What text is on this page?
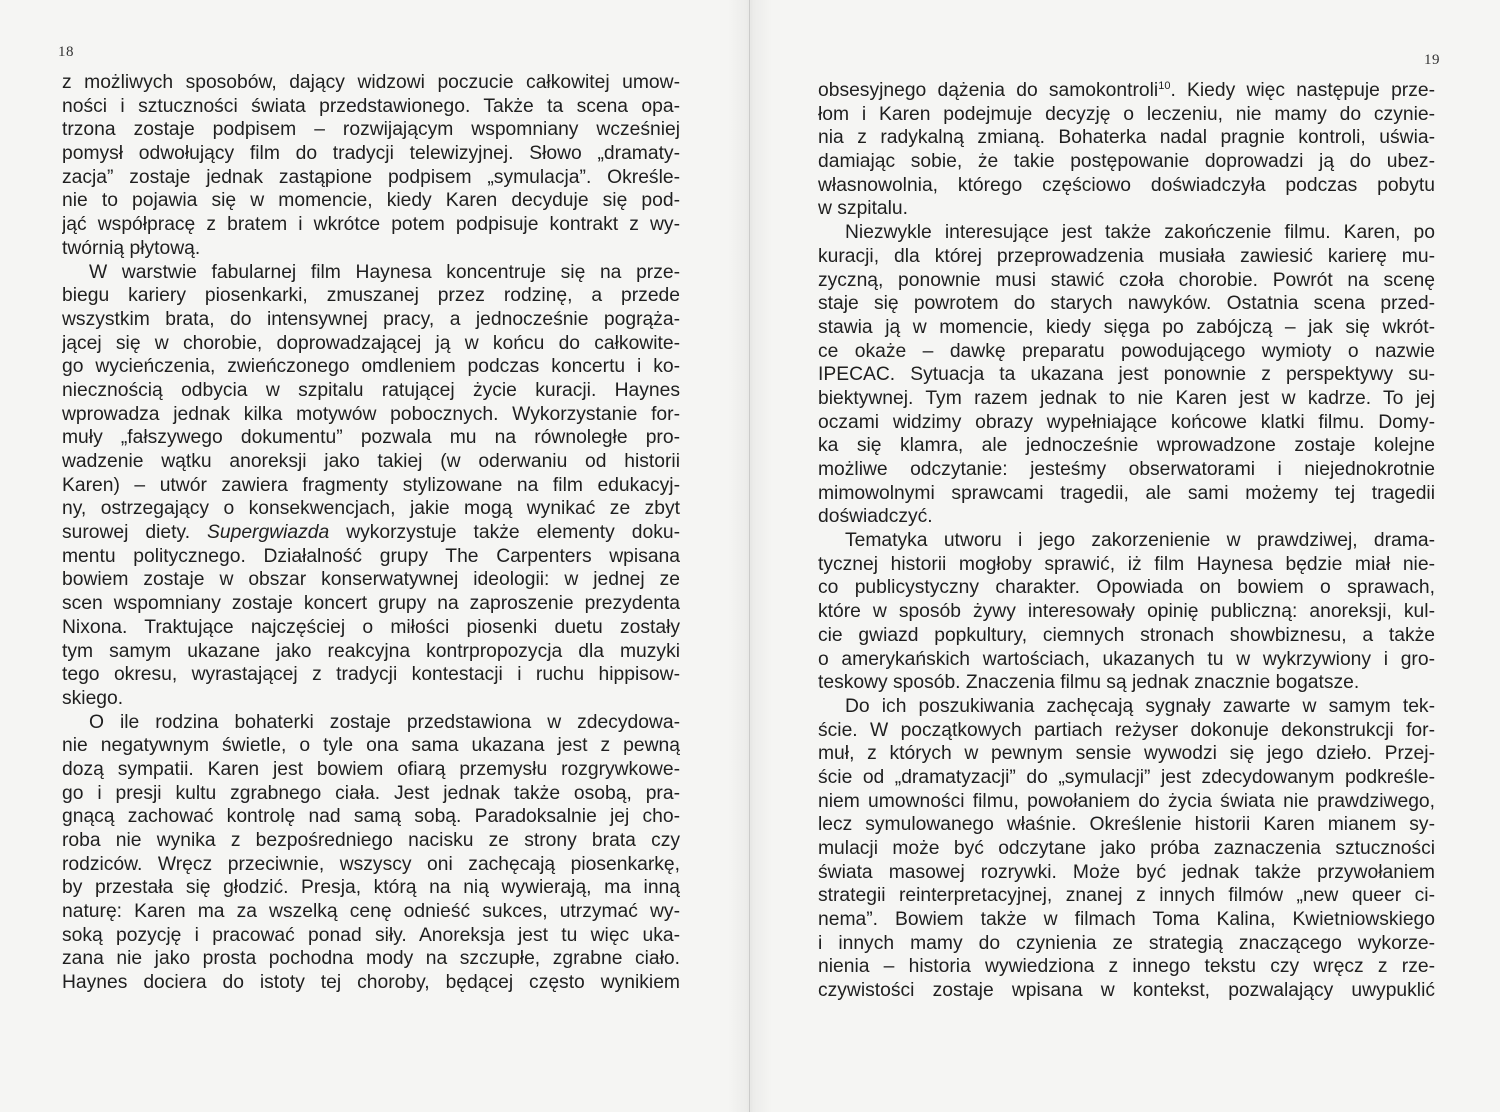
18
z możliwych sposobów, dający widzowi poczucie całkowitej umow-
ności i sztuczności świata przedstawionego. Także ta scena opa-
trzona zostaje podpisem – rozwijającym wspomniany wcześniej
pomysł odwołujący film do tradycji telewizyjnej. Słowo „dramaty-
zacja” zostaje jednak zastąpione podpisem „symulacja”. Określe-
nie to pojawia się w momencie, kiedy Karen decyduje się pod-
jąć współpracę z bratem i wkrótce potem podpisuje kontrakt z wy-
twórnią płytową.
W warstwie fabularnej film Haynesa koncentruje się na prze-
biegu kariery piosenkarki, zmuszanej przez rodzinę, a przede
wszystkim brata, do intensywnej pracy, a jednocześnie pogrąża-
jącej się w chorobie, doprowadzającej ją w końcu do całkowite-
go wycieńczenia, zwieńczonego omdleniem podczas koncertu i ko-
niecznością odbycia w szpitalu ratującej życie kuracji. Haynes
wprowadza jednak kilka motywów pobocznych. Wykorzystanie for-
muły „fałszywego dokumentu” pozwala mu na równoległe pro-
wadzenie wątku anoreksji jako takiej (w oderwaniu od historii
Karen) – utwór zawiera fragmenty stylizowane na film edukacyj-
ny, ostrzegający o konsekwencjach, jakie mogą wynikać ze zbyt
surowej diety. Supergwiazda wykorzystuje także elementy doku-
mentu politycznego. Działalność grupy The Carpenters wpisana
bowiem zostaje w obszar konserwatywnej ideologii: w jednej ze
scen wspomniany zostaje koncert grupy na zaproszenie prezydenta
Nixona. Traktujące najczęściej o miłości piosenki duetu zostały
tym samym ukazane jako reakcyjna kontrpropozycja dla muzyki
tego okresu, wyrastającej z tradycji kontestacji i ruchu hippisow-
skiego.
O ile rodzina bohaterki zostaje przedstawiona w zdecydowa-
nie negatywnym świetle, o tyle ona sama ukazana jest z pewną
dozą sympatii. Karen jest bowiem ofiarą przemysłu rozgrywkowe-
go i presji kultu zgrabnego ciała. Jest jednak także osobą, pra-
gnącą zachować kontrolę nad samą sobą. Paradoksalnie jej cho-
roba nie wynika z bezpośredniego nacisku ze strony brata czy
rodziców. Wręcz przeciwnie, wszyscy oni zachęcają piosenkarkę,
by przestała się głodzić. Presja, którą na nią wywierają, ma inną
naturę: Karen ma za wszelką cenę odnieść sukces, utrzymać wy-
soką pozycję i pracować ponad siły. Anoreksja jest tu więc uka-
zana nie jako prosta pochodna mody na szczupłe, zgrabne ciało.
Haynes dociera do istoty tej choroby, będącej często wynikiem
19
obsesyjnego dążenia do samokontroli$^{10}$. Kiedy więc następuje prze-
łom i Karen podejmuje decyzję o leczeniu, nie mamy do czynie-
nia z radykalną zmianą. Bohaterka nadal pragnie kontroli, uświa-
damiając sobie, że takie postępowanie doprowadzi ją do ubez-
własnowolnia, którego częściowo doświadczyła podczas pobytu
w szpitalu.
Niezwykle interesujące jest także zakończenie filmu. Karen, po
kuracji, dla której przeprowadzenia musiała zawiesić karierę mu-
zyczną, ponownie musi stawić czoła chorobie. Powrót na scenę
staje się powrotem do starych nawyków. Ostatnia scena przed-
stawia ją w momencie, kiedy sięga po zabójczą – jak się wkrót-
ce okaże – dawkę preparatu powodującego wymioty o nazwie
IPECAC. Sytuacja ta ukazana jest ponownie z perspektywy su-
biektywnej. Tym razem jednak to nie Karen jest w kadrze. To jej
oczami widzimy obrazy wypełniające końcowe klatki filmu. Domy-
ka się klamra, ale jednocześnie wprowadzone zostaje kolejne
możliwe odczytanie: jesteśmy obserwatorami i niejednokrotnie
mimowolnymi sprawcami tragedii, ale sami możemy tej tragedii
doświadczyć.
Tematyka utworu i jego zakorzenienie w prawdziwej, drama-
tycznej historii mogłoby sprawić, iż film Haynesa będzie miał nie-
co publicystyczny charakter. Opowiada on bowiem o sprawach,
które w sposób żywy interesowały opinię publiczną: anoreksji, kul-
cie gwiazd popkultury, ciemnych stronach showbiznesu, a także
o amerykańskich wartościach, ukazanych tu w wykrzywiony i gro-
teskowy sposób. Znaczenia filmu są jednak znacznie bogatsze.
Do ich poszukiwania zachęcają sygnały zawarte w samym tek-
ście. W początkowych partiach reżyser dokonuje dekonstrukcji for-
muł, z których w pewnym sensie wywodzi się jego dzieło. Przej-
ście od „dramatyzacji” do „symulacji” jest zdecydowanym podkreśle-
niem umowności filmu, powołaniem do życia świata nie prawdziwego,
lecz symulowanego właśnie. Określenie historii Karen mianem sy-
mulacji może być odczytane jako próba zaznaczenia sztuczności
świata masowej rozrywki. Może być jednak także przywołaniem
strategii reinterpretacyjnej, znanej z innych filmów „new queer ci-
nema”. Bowiem także w filmach Toma Kalina, Kwietniowskiego
i innych mamy do czynienia ze strategią znaczącego wykorze-
nienia – historia wywiedziona z innego tekstu czy wręcz z rze-
czywistości zostaje wpisana w kontekst, pozwalający uwypuklić
